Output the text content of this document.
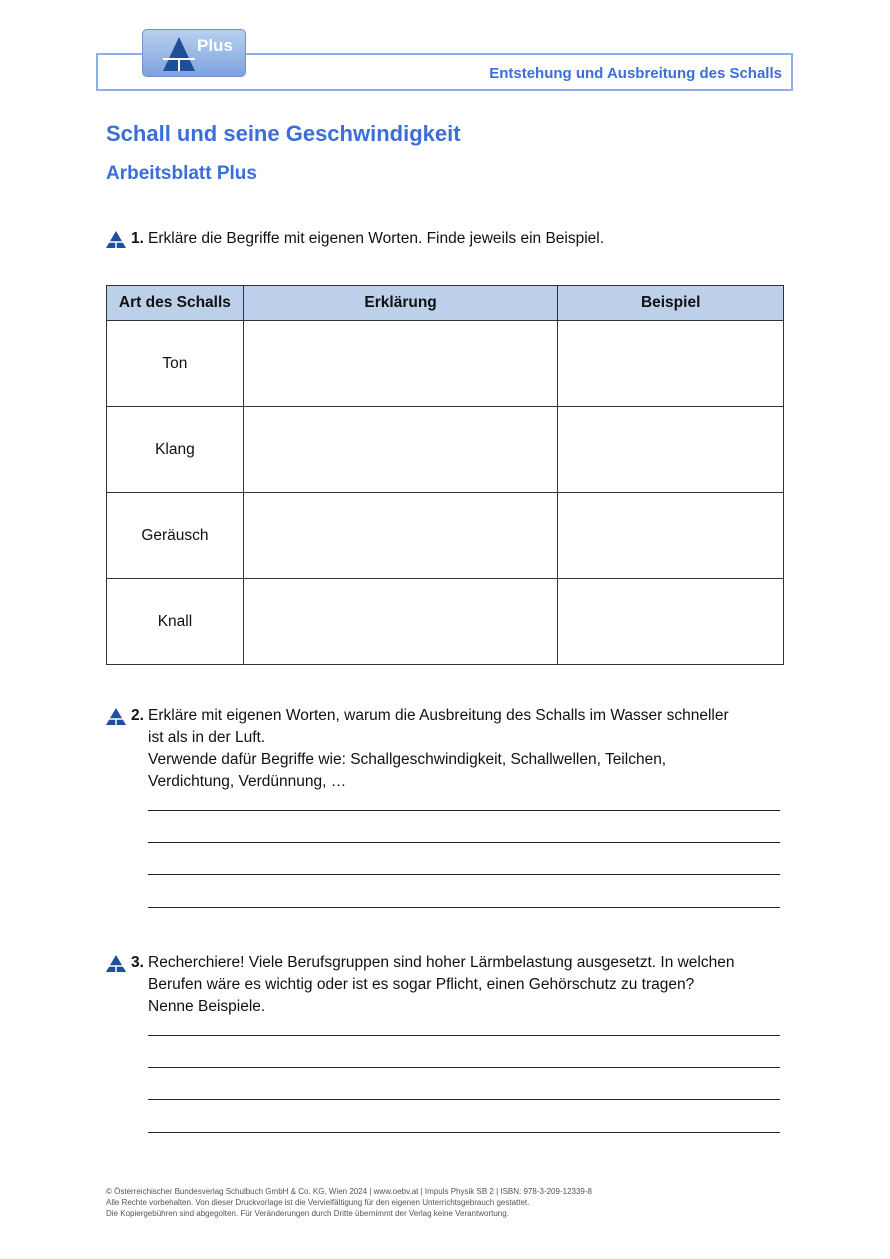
Plus
Entstehung und Ausbreitung des Schalls
Schall und seine Geschwindigkeit
Arbeitsblatt Plus
1. Erkläre die Begriffe mit eigenen Worten. Finde jeweils ein Beispiel.
Art des Schalls	Erklärung	Beispiel
Ton		
Klang		
Geräusch		
Knall		
2. Erkläre mit eigenen Worten, warum die Ausbreitung des Schalls im Wasser schneller
ist als in der Luft.
Verwende dafür Begriffe wie: Schallgeschwindigkeit, Schallwellen, Teilchen,
Verdichtung, Verdünnung, …
3. Recherchiere! Viele Berufsgruppen sind hoher Lärmbelastung ausgesetzt. In welchen
Berufen wäre es wichtig oder ist es sogar Pflicht, einen Gehörschutz zu tragen?
Nenne Beispiele.
© Österreichischer Bundesverlag Schulbuch GmbH & Co. KG, Wien 2024 | www.oebv.at | Impuls Physik SB 2 | ISBN: 978-3-209-12339-8
Alle Rechte vorbehalten. Von dieser Druckvorlage ist die Vervielfältigung für den eigenen Unterrichtsgebrauch gestattet.
Die Kopiergebühren sind abgegolten. Für Veränderungen durch Dritte übernimmt der Verlag keine Verantwortung.
